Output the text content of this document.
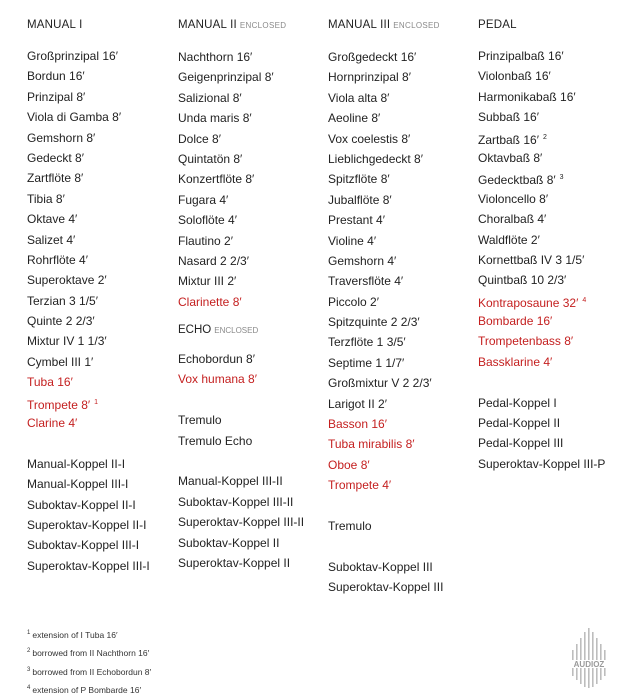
MANUAL I
Großprinzipal 16′
Bordun 16′
Prinzipal 8′
Viola di Gamba 8′
Gemshorn 8′
Gedeckt 8′
Zartflöte 8′
Tibia 8′
Oktave 4′
Salizet 4′
Rohrflöte 4′
Superoktave 2′
Terzian 3 1/5′
Quinte 2 2/3′
Mixtur IV 1 1/3′
Cymbel III 1′
Tuba 16′
Trompete 8′ $^1$
Clarine 4′
Manual-Koppel II-I
Manual-Koppel III-I
Suboktav-Koppel II-I
Superoktav-Koppel II-I
Suboktav-Koppel III-I
Superoktav-Koppel III-I
MANUAL II ENCLOSED
Nachthorn 16′
Geigenprinzipal 8′
Salizional 8′
Unda maris 8′
Dolce 8′
Quintatön 8′
Konzertflöte 8′
Fugara 4′
Soloflöte 4′
Flautino 2′
Nasard 2 2/3′
Mixtur III 2′
Clarinette 8′
ECHO ENCLOSED
Echobordun 8′
Vox humana 8′
Tremulo
Tremulo Echo
Manual-Koppel III-II
Suboktav-Koppel III-II
Superoktav-Koppel III-II
Suboktav-Koppel II
Superoktav-Koppel II
MANUAL III ENCLOSED
Großgedeckt 16′
Hornprinzipal 8′
Viola alta 8′
Aeoline 8′
Vox coelestis 8′
Lieblichgedeckt 8′
Spitzflöte 8′
Jubalflöte 8′
Prestant 4′
Violine 4′
Gemshorn 4′
Traversflöte 4′
Piccolo 2′
Spitzquinte 2 2/3′
Terzflöte 1 3/5′
Septime 1 1/7′
Großmixtur V 2 2/3′
Larigot II 2′
Basson 16′
Tuba mirabilis 8′
Oboe 8′
Trompete 4′
Tremulo
Suboktav-Koppel III
Superoktav-Koppel III
PEDAL
Prinzipalbaß 16′
Violonbaß 16′
Harmonikabaß 16′
Subbaß 16′
Zartbaß 16′ $^2$
Oktavbaß 8′
Gedecktbaß 8′ $^3$
Violoncello 8′
Choralbaß 4′
Waldflöte 2′
Kornettbaß IV 3 1/5′
Quintbaß 10 2/3′
Kontraposaune 32′ $^4$
Bombarde 16′
Trompetenbass 8′
Bassklarine 4′
Pedal-Koppel I
Pedal-Koppel II
Pedal-Koppel III
Superoktav-Koppel III-P
$^1$ extension of I Tuba 16′
$^2$ borrowed from II Nachthorn 16′
$^3$ borrowed from II Echobordun 8′
$^4$ extension of P Bombarde 16′
AUDIOZ
